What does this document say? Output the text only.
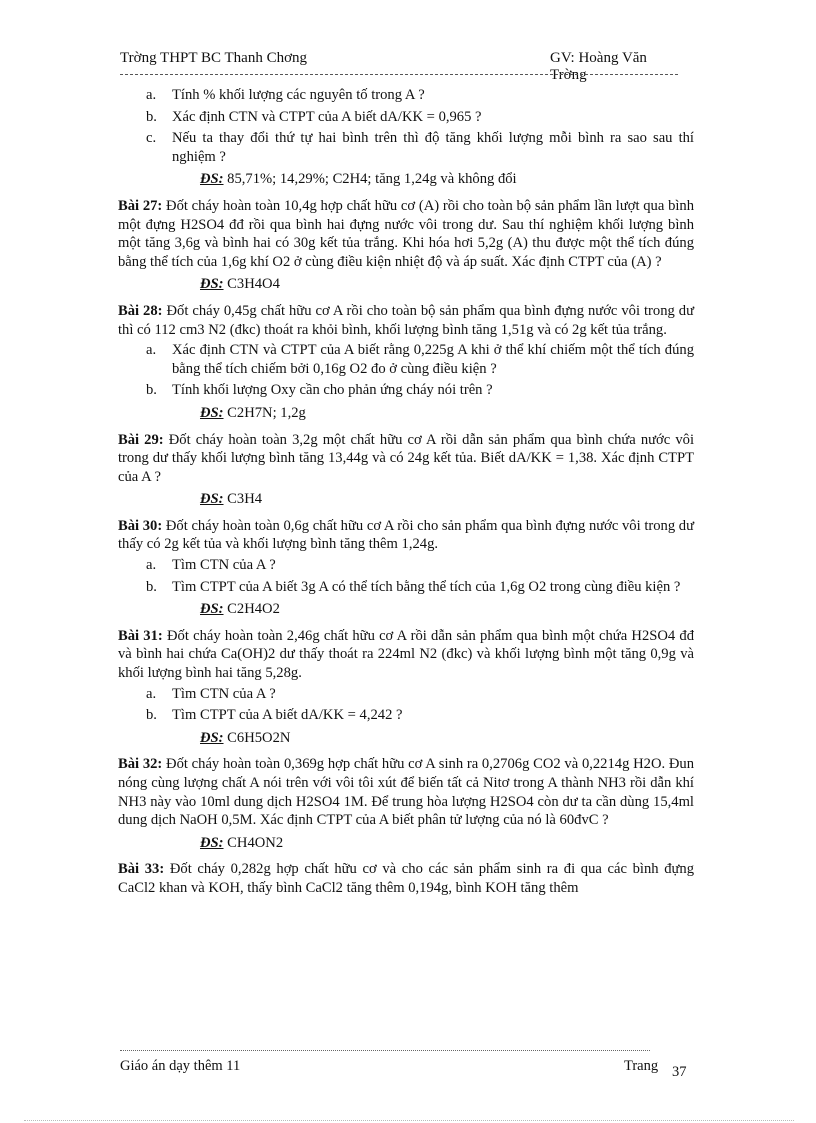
Trờng THPT BC Thanh Chơng	GV: Hoàng Văn Trờng
a. Tính % khối lượng các nguyên tố trong A ?
b. Xác định CTN và CTPT của A biết dA/KK = 0,965 ?
c. Nếu ta thay đổi thứ tự hai bình trên thì độ tăng khối lượng mỗi bình ra sao sau thí nghiệm ?
ĐS: 85,71%; 14,29%; C2H4; tăng 1,24g và không đổi
Bài 27: Đốt cháy hoàn toàn 10,4g hợp chất hữu cơ (A) rồi cho toàn bộ sản phẩm lần lượt qua bình một đựng H2SO4 đđ rồi qua bình hai đựng nước vôi trong dư. Sau thí nghiệm khối lượng bình một tăng 3,6g và bình hai có 30g kết tủa trắng. Khi hóa hơi 5,2g (A) thu được một thể tích đúng bằng thể tích của 1,6g khí O2 ở cùng điều kiện nhiệt độ và áp suất. Xác định CTPT của (A) ?
ĐS: C3H4O4
Bài 28: Đốt cháy 0,45g chất hữu cơ A rồi cho toàn bộ sản phẩm qua bình đựng nước vôi trong dư thì có 112 cm3 N2 (đkc) thoát ra khỏi bình, khối lượng bình tăng 1,51g và có 2g kết tủa trắng.
a. Xác định CTN và CTPT của A biết rằng 0,225g A khi ở thể khí chiếm một thể tích đúng bằng thể tích chiếm bởi 0,16g O2 đo ở cùng điều kiện ?
b. Tính khối lượng Oxy cần cho phản ứng cháy nói trên ?
ĐS: C2H7N; 1,2g
Bài 29: Đốt cháy hoàn toàn 3,2g một chất hữu cơ A rồi dẫn sản phẩm qua bình chứa nước vôi trong dư thấy khối lượng bình tăng 13,44g và có 24g kết tủa. Biết dA/KK = 1,38. Xác định CTPT của A ?
ĐS: C3H4
Bài 30: Đốt cháy hoàn toàn 0,6g chất hữu cơ A rồi cho sản phẩm qua bình đựng nước vôi trong dư thấy có 2g kết tủa và khối lượng bình tăng thêm 1,24g.
a. Tìm CTN của A ?
b. Tìm CTPT của A biết 3g A có thể tích bằng thể tích của 1,6g O2 trong cùng điều kiện ?
ĐS: C2H4O2
Bài 31: Đốt cháy hoàn toàn 2,46g chất hữu cơ A rồi dẫn sản phẩm qua bình một chứa H2SO4 đđ và bình hai chứa Ca(OH)2 dư thấy thoát ra 224ml N2 (đkc) và khối lượng bình một tăng 0,9g và khối lượng bình hai tăng 5,28g.
a. Tìm CTN của A ?
b. Tìm CTPT của A biết dA/KK = 4,242 ?
ĐS: C6H5O2N
Bài 32: Đốt cháy hoàn toàn 0,369g hợp chất hữu cơ A sinh ra 0,2706g CO2 và 0,2214g H2O. Đun nóng cùng lượng chất A nói trên với vôi tôi xút để biến tất cả Nitơ trong A thành NH3 rồi dẫn khí NH3 này vào 10ml dung dịch H2SO4 1M. Để trung hòa lượng H2SO4 còn dư ta cần dùng 15,4ml dung dịch NaOH 0,5M. Xác định CTPT của A biết phân tử lượng của nó là 60đvC ?
ĐS: CH4ON2
Bài 33: Đốt cháy 0,282g hợp chất hữu cơ và cho các sản phẩm sinh ra đi qua các bình đựng CaCl2 khan và KOH, thấy bình CaCl2 tăng thêm 0,194g, bình KOH tăng thêm
Giáo án dạy thêm 11	Trang 37
